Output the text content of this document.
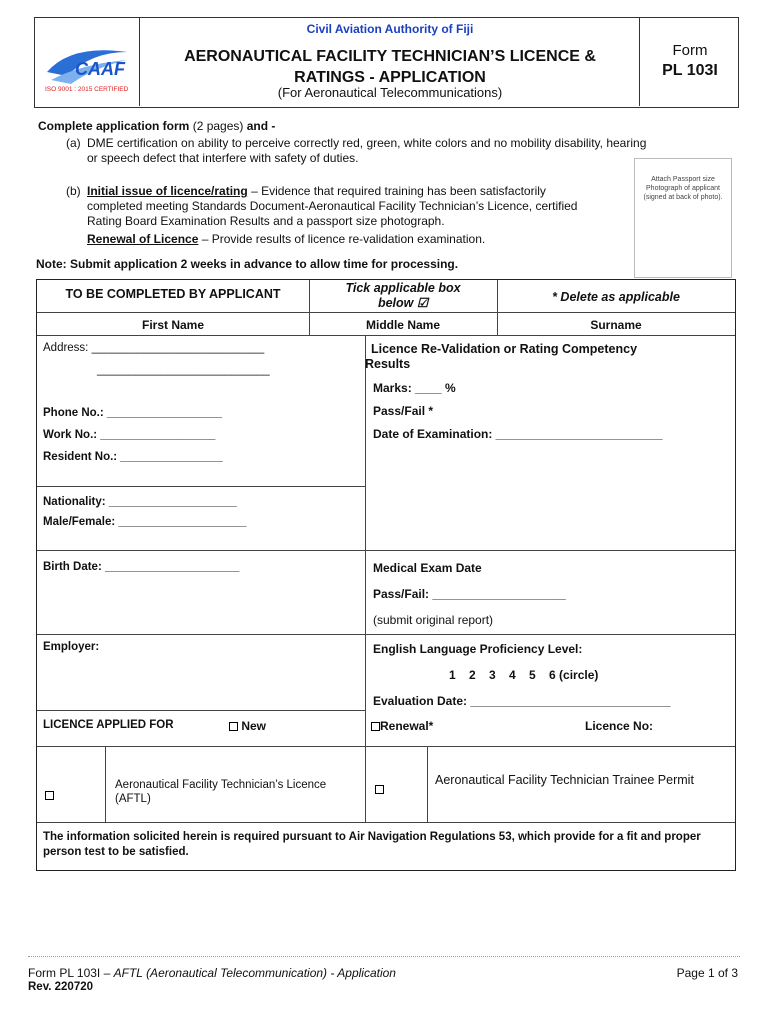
CAAF
ISO 9001 : 2015 CERTIFIED
Civil Aviation Authority of Fiji
AERONAUTICAL FACILITY TECHNICIAN’S LICENCE &
RATINGS - APPLICATION
(For Aeronautical Telecommunications)
Form
PL 103I
Complete application form (2 pages) and -
(a) DME certification on ability to perceive correctly red, green, white colors and no mobility disability, hearing
or speech defect that interfere with safety of duties.
Attach Passport size Photograph of applicant (signed at back of photo).
(b) Initial issue of licence/rating – Evidence that required training has been satisfactorily
completed meeting Standards Document-Aeronautical Facility Technician’s Licence, certified
Rating Board Examination Results and a passport size photograph.
Renewal of Licence – Provide results of licence re-validation examination.
Note: Submit application 2 weeks in advance to allow time for processing.
TO BE COMPLETED BY APPLICANT	Tick applicable box
below ☑	* Delete as applicable
First Name	Middle Name	Surname
Address: ___________________________
___________________________
Phone No.: __________________
Work No.: __________________
Resident No.: ________________
Licence Re-Validation or Rating Competency
Results
Marks: ____ %
Pass/Fail *
Date of Examination: _________________________
Nationality: ____________________
Male/Female: ____________________
Birth Date: _____________________	Medical Exam Date
Pass/Fail: ____________________
(submit original report)
Employer:	English Language Proficiency Level:
1    2    3    4    5    6 (circle)
Evaluation Date: ______________________________
LICENCE APPLIED FOR	New	Renewal*	Licence No:
Aeronautical Facility Technician’s Licence (AFTL)
Aeronautical Facility Technician Trainee Permit
The information solicited herein is required pursuant to Air Navigation Regulations 53, which provide for a fit and proper person test to be satisfied.
Form PL 103I – AFTL (Aeronautical Telecommunication) - Application
Rev. 220720
Page 1 of 3
